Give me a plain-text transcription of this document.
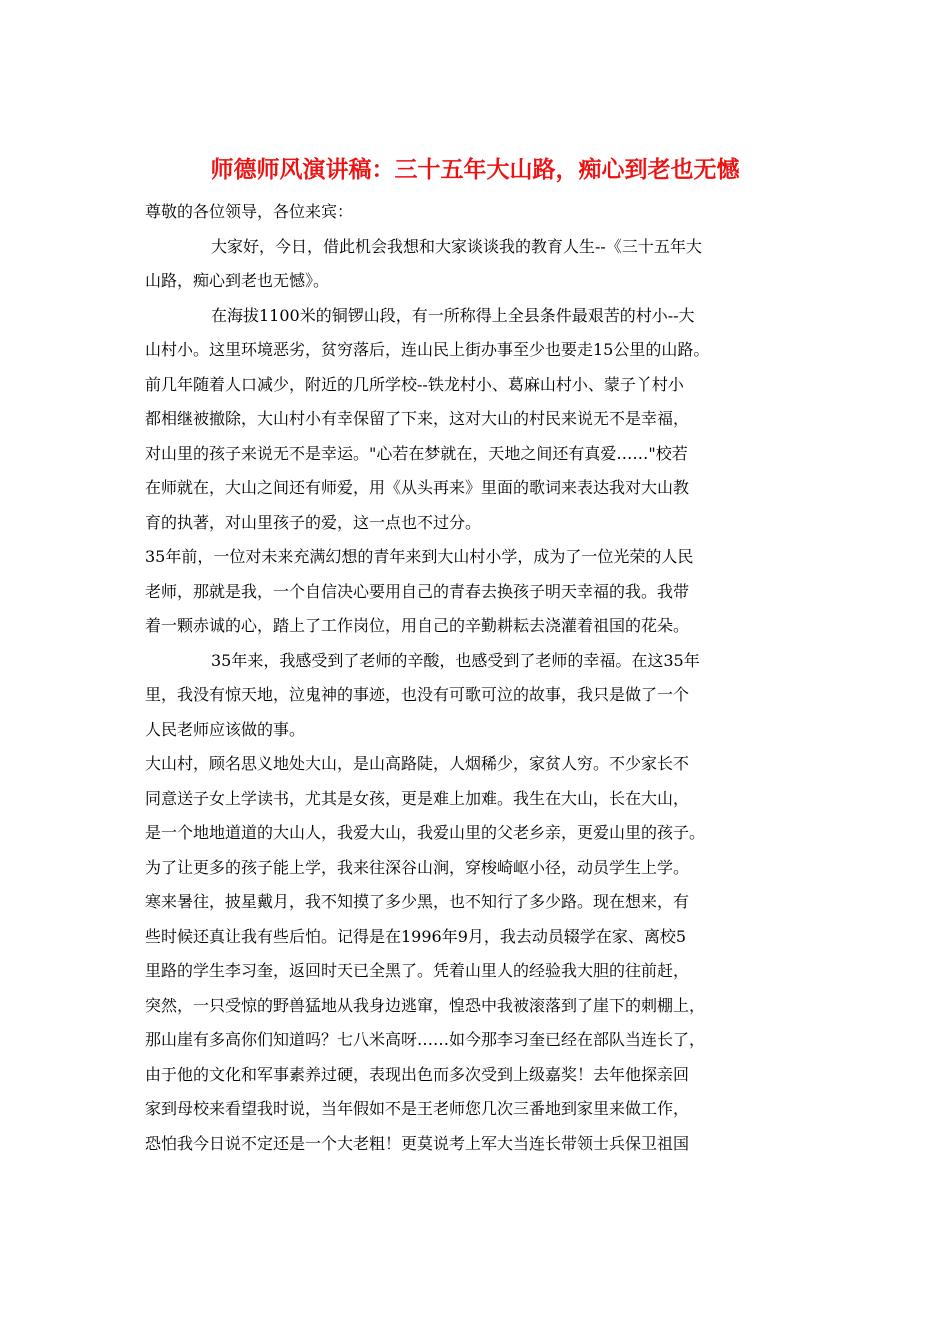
师德师风演讲稿：三十五年大山路，痴心到老也无憾
尊敬的各位领导，各位来宾：
大家好，今日，借此机会我想和大家谈谈我的教育人生--《三十五年大
山路，痴心到老也无憾》。
在海拔1100米的铜锣山段，有一所称得上全县条件最艰苦的村小--大
山村小。这里环境恶劣，贫穷落后，连山民上街办事至少也要走15公里的山路。
前几年随着人口减少，附近的几所学校--铁龙村小、葛麻山村小、蒙子丫村小
都相继被撤除，大山村小有幸保留了下来，这对大山的村民来说无不是幸福，
对山里的孩子来说无不是幸运。"心若在梦就在，天地之间还有真爱……"校若
在师就在，大山之间还有师爱，用《从头再来》里面的歌词来表达我对大山教
育的执著，对山里孩子的爱，这一点也不过分。
35年前，一位对未来充满幻想的青年来到大山村小学，成为了一位光荣的人民
老师，那就是我，一个自信决心要用自己的青春去换孩子明天幸福的我。我带
着一颗赤诚的心，踏上了工作岗位，用自己的辛勤耕耘去浇灌着祖国的花朵。
35年来，我感受到了老师的辛酸，也感受到了老师的幸福。在这35年
里，我没有惊天地，泣鬼神的事迹，也没有可歌可泣的故事，我只是做了一个
人民老师应该做的事。
大山村，顾名思义地处大山，是山高路陡，人烟稀少，家贫人穷。不少家长不
同意送子女上学读书，尤其是女孩，更是难上加难。我生在大山，长在大山，
是一个地地道道的大山人，我爱大山，我爱山里的父老乡亲，更爱山里的孩子。
为了让更多的孩子能上学，我来往深谷山涧，穿梭崎岖小径，动员学生上学。
寒来暑往，披星戴月，我不知摸了多少黑，也不知行了多少路。现在想来，有
些时候还真让我有些后怕。记得是在1996年9月，我去动员辍学在家、离校5
里路的学生李习奎，返回时天已全黑了。凭着山里人的经验我大胆的往前赶，
突然，一只受惊的野兽猛地从我身边逃窜，惶恐中我被滚落到了崖下的刺棚上，
那山崖有多高你们知道吗？七八米高呀……如今那李习奎已经在部队当连长了，
由于他的文化和军事素养过硬，表现出色而多次受到上级嘉奖！去年他探亲回
家到母校来看望我时说，当年假如不是王老师您几次三番地到家里来做工作，
恐怕我今日说不定还是一个大老粗！更莫说考上军大当连长带领士兵保卫祖国
